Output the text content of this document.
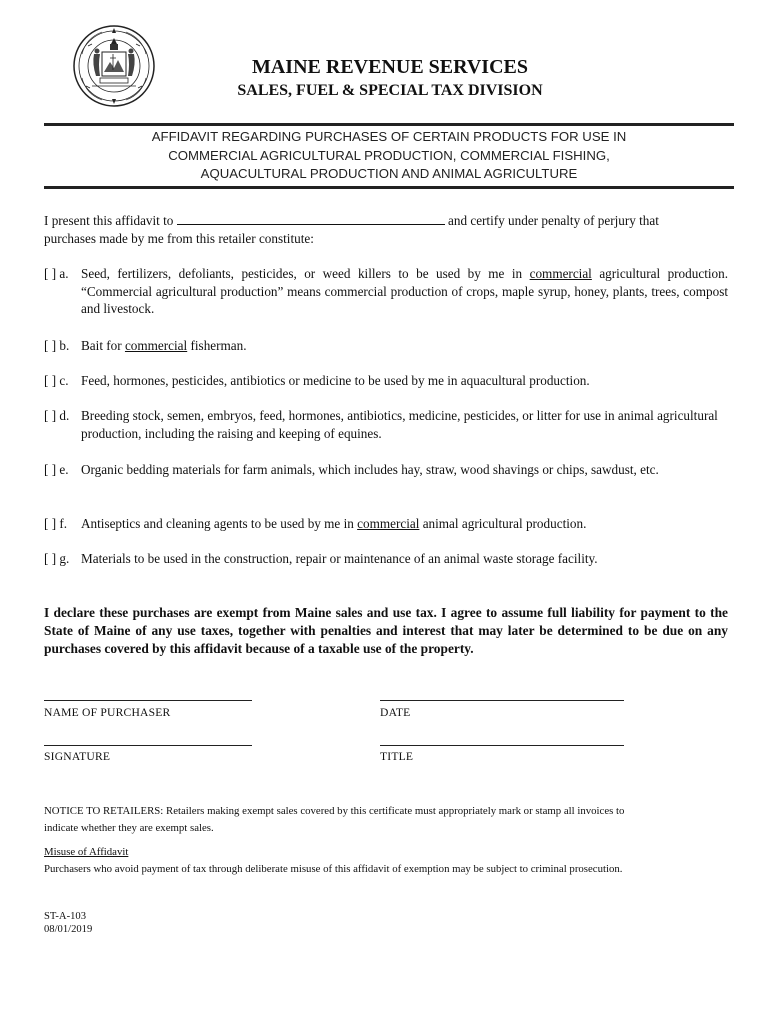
MAINE REVENUE SERVICES
SALES, FUEL & SPECIAL TAX DIVISION
AFFIDAVIT REGARDING PURCHASES OF CERTAIN PRODUCTS FOR USE IN
COMMERCIAL AGRICULTURAL PRODUCTION, COMMERCIAL FISHING,
AQUACULTURAL PRODUCTION AND ANIMAL AGRICULTURE
I present this affidavit to	and certify under penalty of perjury that
purchases made by me from this retailer constitute:
[ ] a. Seed, fertilizers, defoliants, pesticides, or weed killers to be used by me in commercial agricultural production. “Commercial agricultural production” means commercial production of crops, maple syrup, honey, plants, trees, compost and livestock.
[ ] b. Bait for commercial fisherman.
[ ] c. Feed, hormones, pesticides, antibiotics or medicine to be used by me in aquacultural production.
[ ] d. Breeding stock, semen, embryos, feed, hormones, antibiotics, medicine, pesticides, or litter for use in animal agricultural production, including the raising and keeping of equines.
[ ] e. Organic bedding materials for farm animals, which includes hay, straw, wood shavings or chips, sawdust, etc.
[ ] f.	Antiseptics and cleaning agents to be used by me in commercial animal agricultural production.
[ ] g. Materials to be used in the construction, repair or maintenance of an animal waste storage facility.
I declare these purchases are exempt from Maine sales and use tax. I agree to assume full liability for payment to the State of Maine of any use taxes, together with penalties and interest that may later be determined to be due on any purchases covered by this affidavit because of a taxable use of the property.
NAME OF PURCHASER	DATE
SIGNATURE	TITLE
NOTICE TO RETAILERS: Retailers making exempt sales covered by this certificate must appropriately mark or stamp all invoices to
indicate whether they are exempt sales.
Misuse of Affidavit
Purchasers who avoid payment of tax through deliberate misuse of this affidavit of exemption may be subject to criminal prosecution.
ST-A-103
08/01/2019
